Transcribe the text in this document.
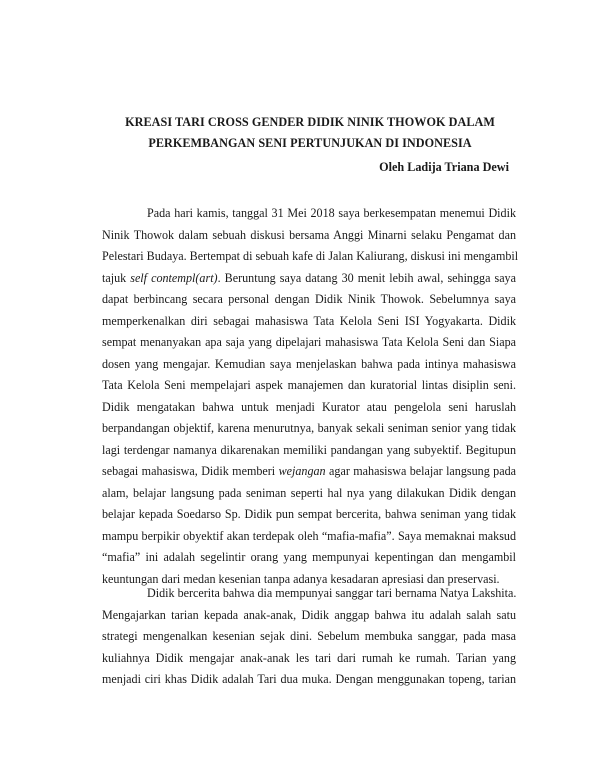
KREASI TARI CROSS GENDER DIDIK NINIK THOWOK DALAM
PERKEMBANGAN SENI PERTUNJUKAN DI INDONESIA
Oleh Ladija Triana Dewi
Pada hari kamis, tanggal 31 Mei 2018 saya berkesempatan menemui Didik
Ninik Thowok dalam sebuah diskusi bersama Anggi Minarni selaku Pengamat dan
Pelestari Budaya. Bertempat di sebuah kafe di Jalan Kaliurang, diskusi ini mengambil
tajuk self contempl(art). Beruntung saya datang 30 menit lebih awal, sehingga saya
dapat berbincang secara personal dengan Didik Ninik Thowok. Sebelumnya saya
memperkenalkan diri sebagai mahasiswa Tata Kelola Seni ISI Yogyakarta. Didik
sempat menanyakan apa saja yang dipelajari mahasiswa Tata Kelola Seni dan Siapa
dosen yang mengajar. Kemudian saya menjelaskan bahwa pada intinya mahasiswa
Tata Kelola Seni mempelajari aspek manajemen dan kuratorial lintas disiplin seni.
Didik mengatakan bahwa untuk menjadi Kurator atau pengelola seni haruslah
berpandangan objektif, karena menurutnya, banyak sekali seniman senior yang tidak
lagi terdengar namanya dikarenakan memiliki pandangan yang subyektif. Begitupun
sebagai mahasiswa, Didik memberi wejangan agar mahasiswa belajar langsung pada
alam, belajar langsung pada seniman seperti hal nya yang dilakukan Didik dengan
belajar kepada Soedarso Sp. Didik pun sempat bercerita, bahwa seniman yang tidak
mampu berpikir obyektif akan terdepak oleh “mafia-mafia”. Saya memaknai maksud
“mafia” ini adalah segelintir orang yang mempunyai kepentingan dan mengambil
keuntungan dari medan kesenian tanpa adanya kesadaran apresiasi dan preservasi.
Didik bercerita bahwa dia mempunyai sanggar tari bernama Natya Lakshita.
Mengajarkan tarian kepada anak-anak, Didik anggap bahwa itu adalah salah satu
strategi mengenalkan kesenian sejak dini. Sebelum membuka sanggar, pada masa
kuliahnya Didik mengajar anak-anak les tari dari rumah ke rumah. Tarian yang
menjadi ciri khas Didik adalah Tari dua muka. Dengan menggunakan topeng, tarian
